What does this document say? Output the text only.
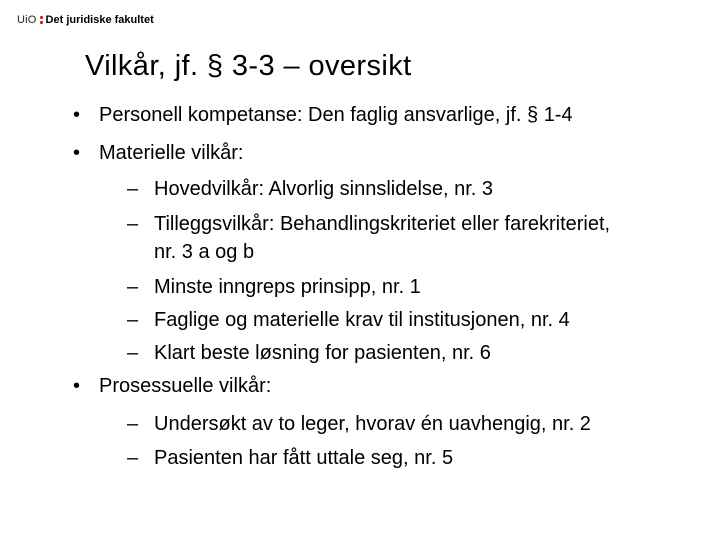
UiO Det juridiske fakultet
Vilkår, jf. § 3-3 – oversikt
• Personell kompetanse: Den faglig ansvarlige, jf. § 1-4
• Materielle vilkår:
– Hovedvilkår: Alvorlig sinnslidelse, nr. 3
– Tilleggsvilkår: Behandlingskriteriet eller farekriteriet,
nr. 3 a og b
– Minste inngreps prinsipp, nr. 1
– Faglige og materielle krav til institusjonen, nr. 4
– Klart beste løsning for pasienten, nr. 6
• Prosessuelle vilkår:
– Undersøkt av to leger, hvorav én uavhengig, nr. 2
– Pasienten har fått uttale seg, nr. 5
